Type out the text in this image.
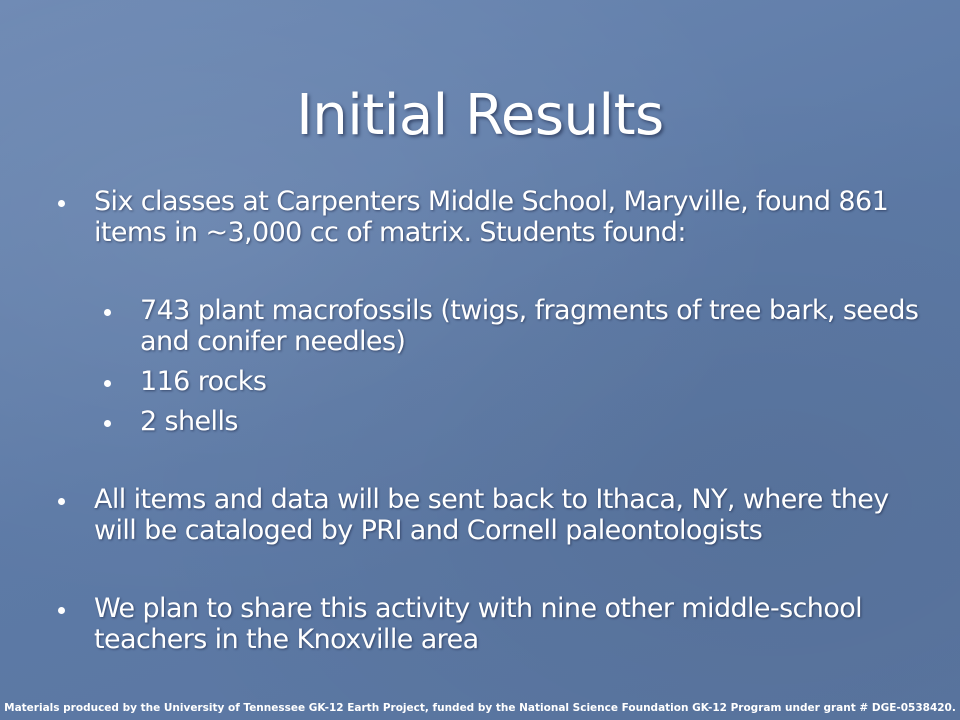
Initial Results
Six classes at Carpenters Middle School, Maryville, found 861 items in ~3,000 cc of matrix. Students found:
743 plant macrofossils (twigs, fragments of tree bark, seeds and conifer needles)
116 rocks
2 shells
All items and data will be sent back to Ithaca, NY, where they will be cataloged by PRI and Cornell paleontologists
We plan to share this activity with nine other middle-school teachers in the Knoxville area
Materials produced by the University of Tennessee GK-12 Earth Project, funded by the National Science Foundation GK-12 Program under grant # DGE-0538420.
